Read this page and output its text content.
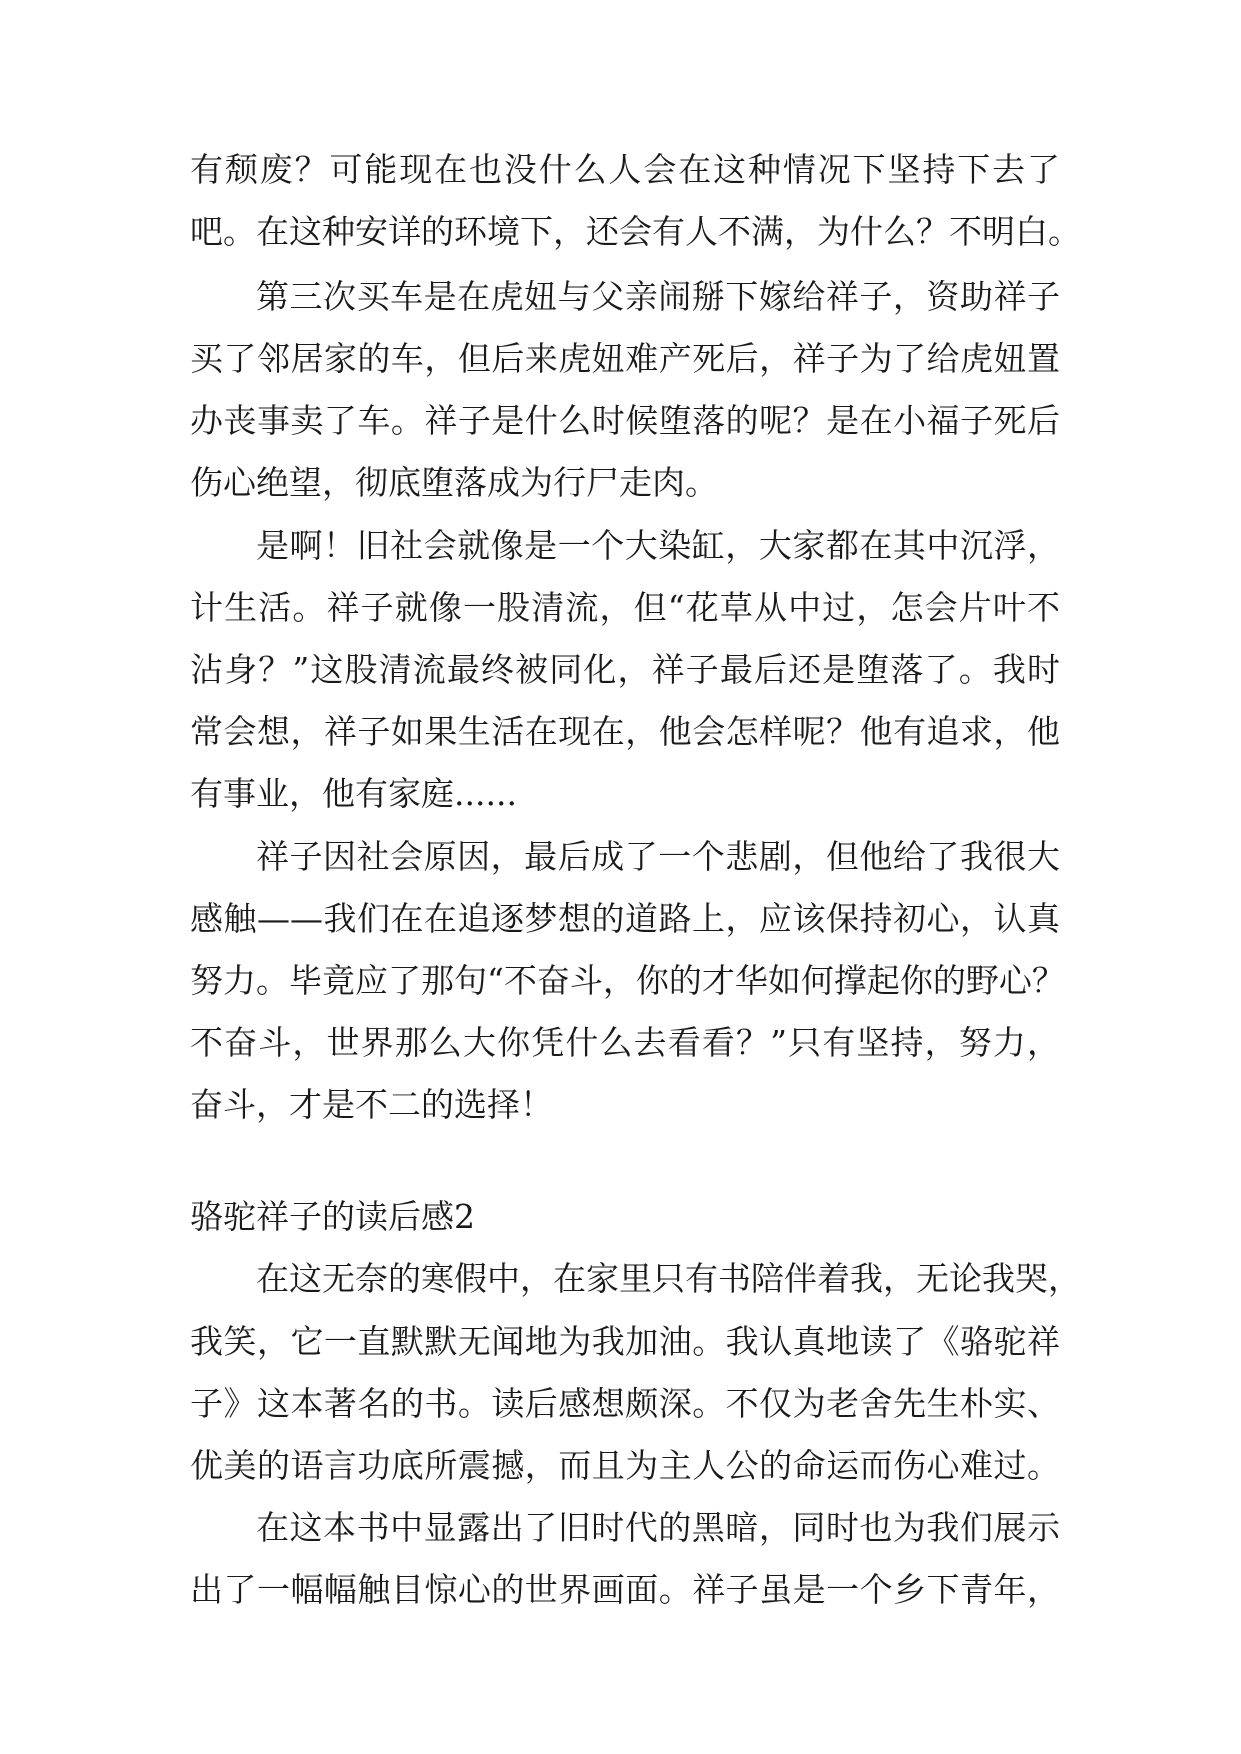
有颓废？可能现在也没什么人会在这种情况下坚持下去了

吧。在这种安详的环境下，还会有人不满，为什么？不明白。

第三次买车是在虎妞与父亲闹掰下嫁给祥子，资助祥子

买了邻居家的车，但后来虎妞难产死后，祥子为了给虎妞置

办丧事卖了车。祥子是什么时候堕落的呢？是在小福子死后

伤心绝望，彻底堕落成为行尸走肉。

是啊！旧社会就像是一个大染缸，大家都在其中沉浮，

计生活。祥子就像一股清流，但“花草从中过，怎会片叶不

沾身？”这股清流最终被同化，祥子最后还是堕落了。我时

常会想，祥子如果生活在现在，他会怎样呢？他有追求，他

有事业，他有家庭......

祥子因社会原因，最后成了一个悲剧，但他给了我很大

感触——我们在在追逐梦想的道路上，应该保持初心，认真

努力。毕竟应了那句“不奋斗，你的才华如何撑起你的野心？

不奋斗，世界那么大你凭什么去看看？”只有坚持，努力，

奋斗，才是不二的选择！

骆驼祥子的读后感2

在这无奈的寒假中，在家里只有书陪伴着我，无论我哭，

我笑，它一直默默无闻地为我加油。我认真地读了《骆驼祥

子》这本著名的书。读后感想颇深。不仅为老舍先生朴实、

优美的语言功底所震撼，而且为主人公的命运而伤心难过。

在这本书中显露出了旧时代的黑暗，同时也为我们展示

出了一幅幅触目惊心的世界画面。祥子虽是一个乡下青年，
